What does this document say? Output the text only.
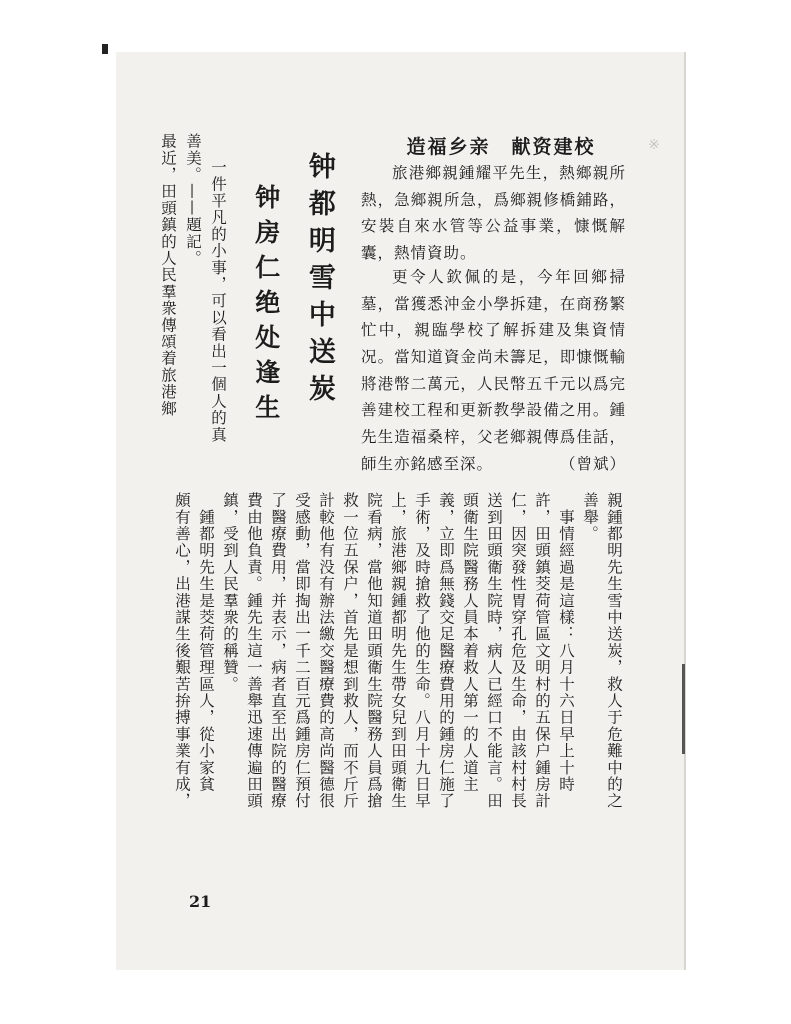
※　
造福乡亲　献资建校

旅港鄉親鍾耀平先生，熱鄉親所熱，急鄉親所急，爲鄉親修橋鋪路，安裝自來水管等公益事業，慷慨解囊，熱情資助。

更令人欽佩的是，今年回鄉掃墓，當獲悉沖金小學拆建，在商務繁忙中，親臨學校了解拆建及集資情况。當知道資金尚未籌足，即慷慨輸將港幣二萬元，人民幣五千元以爲完善建校工程和更新教學設備之用。鍾先生造福桑梓，父老鄉親傳爲佳話，師生亦銘感至深。	（曾斌）

钟都明雪中送炭
钟房仁绝处逢生
一件平凡的小事，可以看出一個人的真
善美。——題記。
最近，田頭鎮的人民羣衆傳頌着旅港鄉
親鍾都明先生雪中送炭，救人于危難中的之
善舉。
　事情經過是這樣：八月十六日早上十時
許，田頭鎮茭荷管區文明村的五保户鍾房計
仁，因突發性胃穿孔危及生命，由該村村長
送到田頭衛生院時，病人已經口不能言。田
頭衛生院醫務人員本着救人第一的人道主
義，立即爲無錢交足醫療費用的鍾房仁施了
手術，及時搶救了他的生命。八月十九日早
上，旅港鄉親鍾都明先生帶女兒到田頭衛生
院看病，當他知道田頭衛生院醫務人員爲搶
救一位五保户，首先是想到救人，而不斤斤
計較他有没有辦法繳交醫療費的高尚醫德很
受感動，當即掏出一千二百元爲鍾房仁預付
了醫療費用，并表示，病者直至出院的醫療
費由他負責。鍾先生這一善舉迅速傳遍田頭
鎮，受到人民羣衆的稱贊。
　鍾都明先生是茭荷管理區人，從小家貧
頗有善心，出港謀生後艱苦拚搏事業有成，
21
